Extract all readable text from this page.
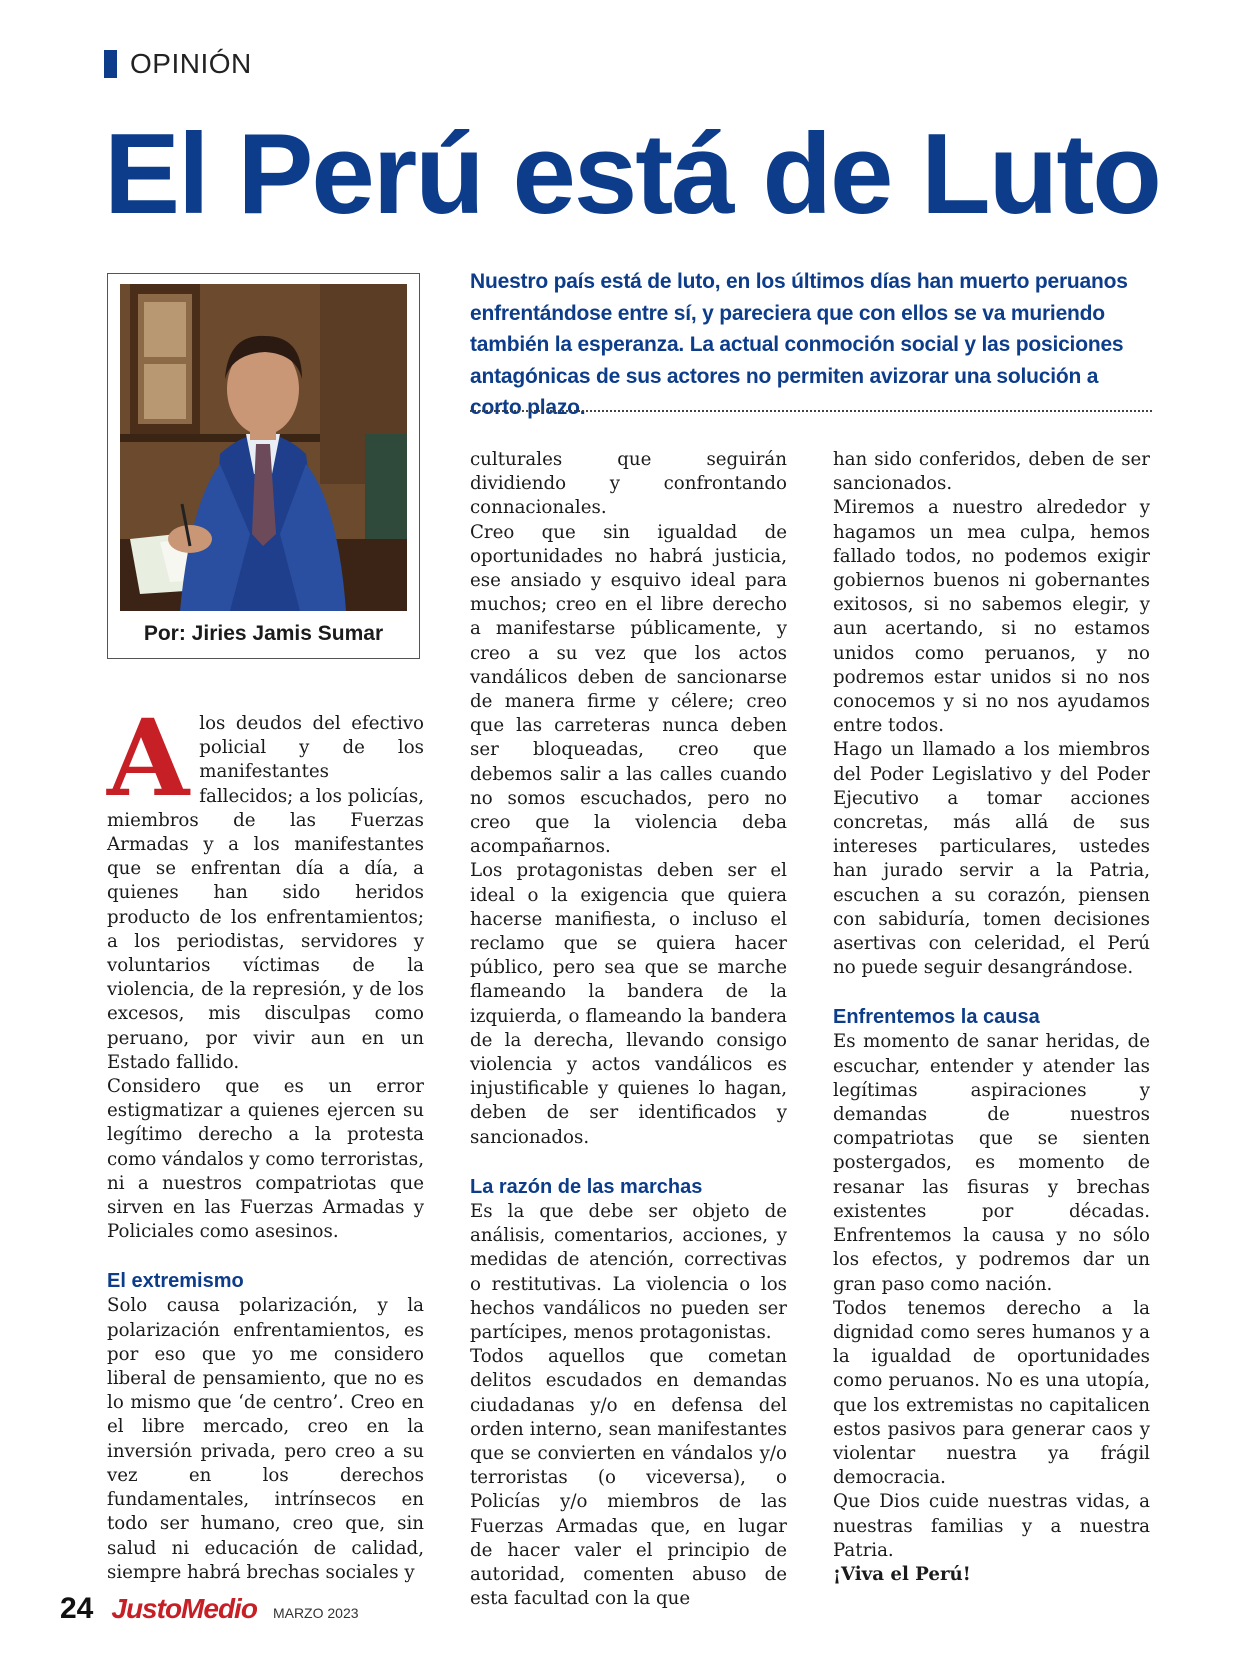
OPINIÓN
El Perú está de Luto
Por: Jiries Jamis Sumar

Nuestro país está de luto, en los últimos días han muerto peruanos enfrentándose entre sí, y pareciera que con ellos se va muriendo también la esperanza. La actual conmoción social y las posiciones antagónicas de sus actores no permiten avizorar una solución a corto plazo.

Alos deudos del efectivo policial y de los manifestantes fallecidos; a los policías, miembros de las Fuerzas Armadas y a los manifestantes que se enfrentan día a día, a quienes han sido heridos producto de los enfrentamientos; a los periodistas, servidores y voluntarios víctimas de la violencia, de la represión, y de los excesos, mis disculpas como peruano, por vivir aun en un Estado fallido.

Considero que es un error estigmatizar a quienes ejercen su legítimo derecho a la protesta como vándalos y como terroristas, ni a nuestros compatriotas que sirven en las Fuerzas Armadas y Policiales como asesinos.

El extremismo

Solo causa polarización, y la polarización enfrentamientos, es por eso que yo me considero liberal de pensamiento, que no es lo mismo que ‘de centro’. Creo en el libre mercado, creo en la inversión privada, pero creo a su vez en los derechos fundamentales, intrínsecos en todo ser humano, creo que, sin salud ni educación de calidad, siempre habrá brechas sociales y

culturales que seguirán dividiendo y confrontando connacionales.

Creo que sin igualdad de oportunidades no habrá justicia, ese ansiado y esquivo ideal para muchos; creo en el libre derecho a manifestarse públicamente, y creo a su vez que los actos vandálicos deben de sancionarse de manera firme y célere; creo que las carreteras nunca deben ser bloqueadas, creo que debemos salir a las calles cuando no somos escuchados, pero no creo que la violencia deba acompañarnos.

Los protagonistas deben ser el ideal o la exigencia que quiera hacerse manifiesta, o incluso el reclamo que se quiera hacer público, pero sea que se marche flameando la bandera de la izquierda, o flameando la bandera de la derecha, llevando consigo violencia y actos vandálicos es injustificable y quienes lo hagan, deben de ser identificados y sancionados.

La razón de las marchas

Es la que debe ser objeto de análisis, comentarios, acciones, y medidas de atención, correctivas o restitutivas. La violencia o los hechos vandálicos no pueden ser partícipes, menos protagonistas.

Todos aquellos que cometan delitos escudados en demandas ciudadanas y/o en defensa del orden interno, sean manifestantes que se convierten en vándalos y/o terroristas (o viceversa), o Policías y/o miembros de las Fuerzas Armadas que, en lugar de hacer valer el principio de autoridad, comenten abuso de esta facultad con la que

han sido conferidos, deben de ser sancionados.

Miremos a nuestro alrededor y hagamos un mea culpa, hemos fallado todos, no podemos exigir gobiernos buenos ni gobernantes exitosos, si no sabemos elegir, y aun acertando, si no estamos unidos como peruanos, y no podremos estar unidos si no nos conocemos y si no nos ayudamos entre todos.

Hago un llamado a los miembros del Poder Legislativo y del Poder Ejecutivo a tomar acciones concretas, más allá de sus intereses particulares, ustedes han jurado servir a la Patria, escuchen a su corazón, piensen con sabiduría, tomen decisiones asertivas con celeridad, el Perú no puede seguir desangrándose.

Enfrentemos la causa

Es momento de sanar heridas, de escuchar, entender y atender las legítimas aspiraciones y demandas de nuestros compatriotas que se sienten postergados, es momento de resanar las fisuras y brechas existentes por décadas. Enfrentemos la causa y no sólo los efectos, y podremos dar un gran paso como nación.

Todos tenemos derecho a la dignidad como seres humanos y a la igualdad de oportunidades como peruanos. No es una utopía, que los extremistas no capitalicen estos pasivos para generar caos y violentar nuestra ya frágil democracia.

Que Dios cuide nuestras vidas, a nuestras familias y a nuestra Patria.

¡Viva el Perú!

24 JustoMedio MARZO 2023
